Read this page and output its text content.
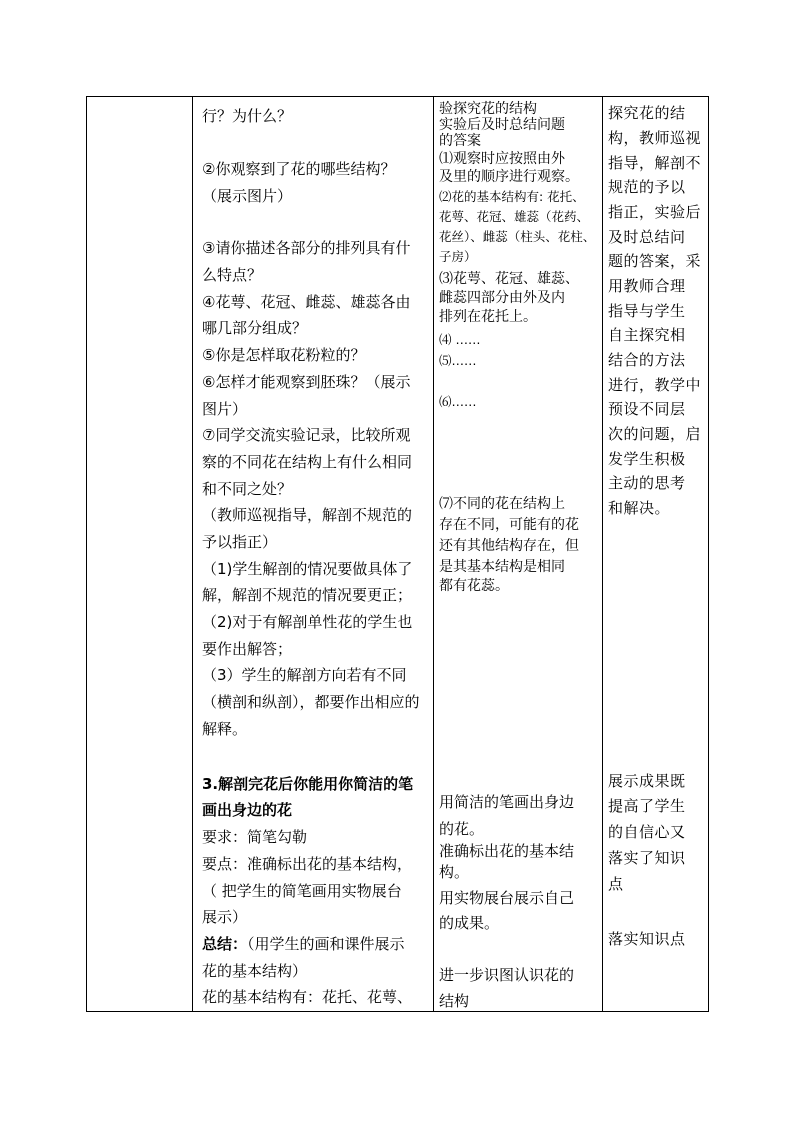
行？为什么？
②你观察到了花的哪些结构？
（展示图片）
③请你描述各部分的排列具有什
么特点？
④花萼、花冠、雌蕊、雄蕊各由
哪几部分组成？
⑤你是怎样取花粉粒的？
⑥怎样才能观察到胚珠？（展示
图片）
⑦同学交流实验记录，比较所观
察的不同花在结构上有什么相同
和不同之处？
（教师巡视指导，解剖不规范的
予以指正）
（1)学生解剖的情况要做具体了
解，解剖不规范的情况要更正；
（2)对于有解剖单性花的学生也
要作出解答；
（3）学生的解剖方向若有不同
（横剖和纵剖），都要作出相应的
解释。
3.解剖完花后你能用你简洁的笔
画出身边的花
要求：简笔勾勒
要点：准确标出花的基本结构，
（ 把学生的简笔画用实物展台
展示）
总结：（用学生的画和课件展示
花的基本结构）
花的基本结构有：花托、花萼、
验探究花的结构
实验后及时总结问题
的答案
⑴观察时应按照由外
及里的顺序进行观察。
⑵花的基本结构有: 花托、
花萼、花冠、雄蕊（花药、
花丝）、雌蕊（柱头、花柱、
子房）
⑶花萼、花冠、雄蕊、
雌蕊四部分由外及内
排列在花托上。
⑷ ……
⑸……
⑹……
⑺不同的花在结构上
存在不同，可能有的花
还有其他结构存在，但
是其基本结构是相同
都有花蕊。
用简洁的笔画出身边
的花。
准确标出花的基本结
构。
用实物展台展示自己
的成果。
进一步识图认识花的
结构
探究花的结
构，教师巡视
指导，解剖不
规范的予以
指正，实验后
及时总结问
题的答案，采
用教师合理
指导与学生
自主探究相
结合的方法
进行，教学中
预设不同层
次的问题，启
发学生积极
主动的思考
和解决。
展示成果既
提高了学生
的自信心又
落实了知识
点
落实知识点
